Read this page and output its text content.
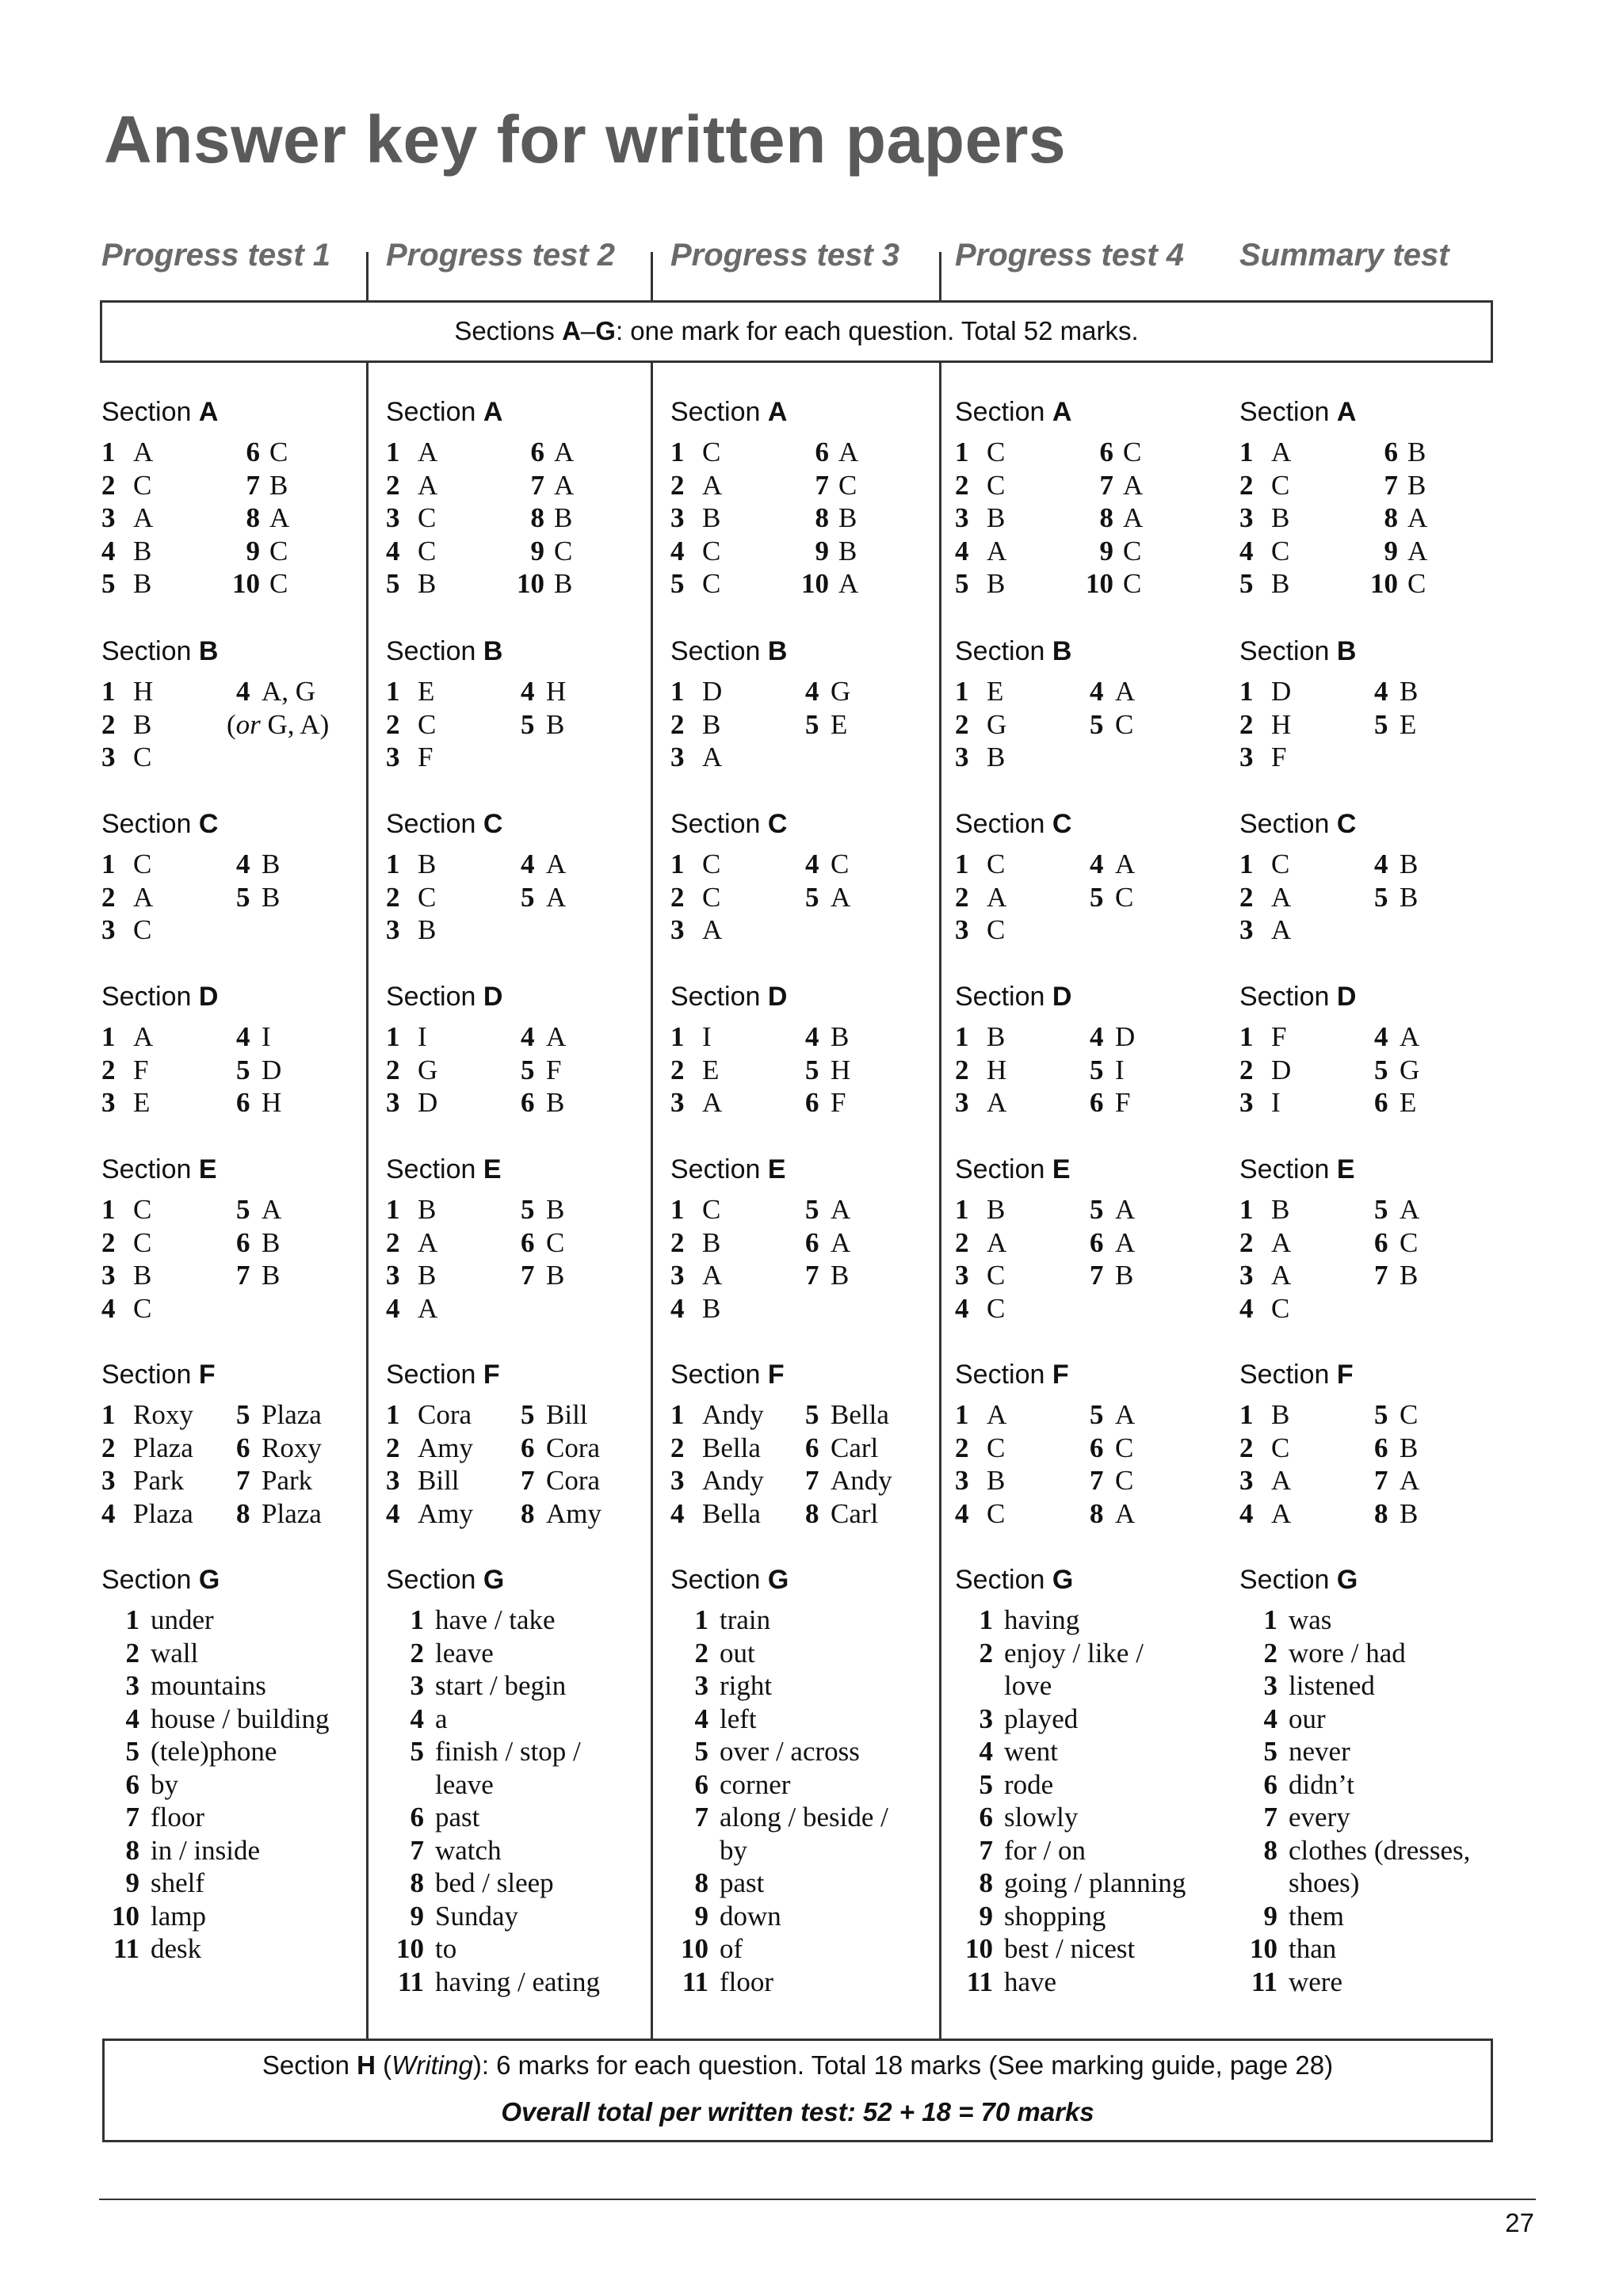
Answer key for written papers
Progress test 1 Progress test 2 Progress test 3 Progress test 4 Summary test
Sections A–G: one mark for each question. Total 52 marks.
Section A
1 A	6 C
2 C	7 B
3 A	8 A
4 B	9 C
5 B	10 C
Section B
1 H	4 A, G
2 B	(or G, A)
3 C
Section C
1 C	4 B
2 A	5 B
3 C
Section D
1 A	4 I
2 F	5 D
3 E	6 H
Section E
1 C	5 A
2 C	6 B
3 B	7 B
4 C
Section F
1 Roxy 5 Plaza
2 Plaza 6 Roxy
3 Park 7 Park
4 Plaza 8 Plaza
Section G
1 under
2 wall
3 mountains
4 house / building
5 (tele)phone
6 by
7 floor
8 in / inside
9 shelf
10 lamp
11 desk
Section A
1 A	6 A
2 A	7 A
3 C	8 B
4 C	9 C
5 B	10 B
Section B
1 E	4 H
2 C	5 B
3 F
Section C
1 B	4 A
2 C	5 A
3 B
Section D
1 I	4 A
2 G	5 F
3 D	6 B
Section E
1 B	5 B
2 A	6 C
3 B	7 B
4 A
Section F
1 Cora 5 Bill
2 Amy 6 Cora
3 Bill 7 Cora
4 Amy 8 Amy
Section G
1 have / take
2 leave
3 start / begin
4 a
5 finish / stop /
leave
6 past
7 watch
8 bed / sleep
9 Sunday
10 to
11 having / eating
Section A
1 C	6 A
2 A	7 C
3 B	8 B
4 C	9 B
5 C	10 A
Section B
1 D	4 G
2 B	5 E
3 A
Section C
1 C	4 C
2 C	5 A
3 A
Section D
1 I	4 B
2 E	5 H
3 A	6 F
Section E
1 C	5 A
2 B	6 A
3 A	7 B
4 B
Section F
1 Andy 5 Bella
2 Bella 6 Carl
3 Andy 7 Andy
4 Bella 8 Carl
Section G
1 train
2 out
3 right
4 left
5 over / across
6 corner
7 along / beside /
by
8 past
9 down
10 of
11 floor
Section A
1 C	6 C
2 C	7 A
3 B	8 A
4 A	9 C
5 B	10 C
Section B
1 E	4 A
2 G	5 C
3 B
Section C
1 C	4 A
2 A	5 C
3 C
Section D
1 B	4 D
2 H	5 I
3 A	6 F
Section E
1 B	5 A
2 A	6 A
3 C	7 B
4 C
Section F
1 A	5 A
2 C	6 C
3 B	7 C
4 C	8 A
Section G
1 having
2 enjoy / like /
love
3 played
4 went
5 rode
6 slowly
7 for / on
8 going / planning
9 shopping
10 best / nicest
11 have
Section A
1 A	6 B
2 C	7 B
3 B	8 A
4 C	9 A
5 B	10 C
Section B
1 D	4 B
2 H	5 E
3 F
Section C
1 C	4 B
2 A	5 B
3 A
Section D
1 F	4 A
2 D	5 G
3 I	6 E
Section E
1 B	5 A
2 A	6 C
3 A	7 B
4 C
Section F
1 B	5 C
2 C	6 B
3 A	7 A
4 A	8 B
Section G
1 was
2 wore / had
3 listened
4 our
5 never
6 didn’t
7 every
8 clothes (dresses,
shoes)
9 them
10 than
11 were
Section H (Writing): 6 marks for each question. Total 18 marks (See marking guide, page 28)
Overall total per written test: 52 + 18 = 70 marks
27
